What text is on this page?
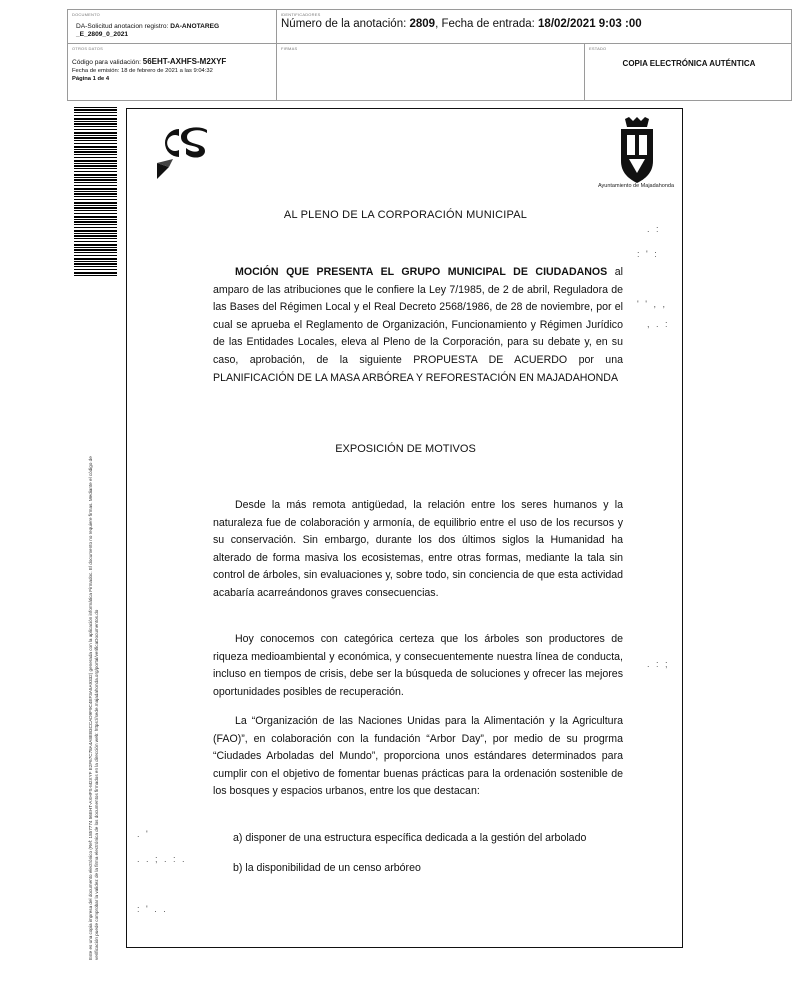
DOCUMENTO
DA-Solicitud anotacion registro: DA-ANOTAREG _E_2809_0_2021
IDENTIFICADORES
Número de la anotación: 2809, Fecha de entrada: 18/02/2021 9:03 :00
OTROS DATOS
Código para validación: 56EHT-AXHFS-M2XYF
Fecha de emisión: 18 de febrero de 2021 a las 9:04:32
Página 1 de 4
FIRMAS	ESTADO
COPIA ELECTRÓNICA AUTÉNTICA
Este es una copia impresa del documento electrónico (Ref: 1857774 56EHT-AXHFS-M2XYF E2F67C78A4A8EB3CCAD9F9C4EF3A5A9332) generada con la aplicación informática Firmadoc. El documento no requiere firmas. Mediante el código de verificación puede comprobar la validez de la firma electrónica de los documentos firmados en la dirección web: https://sede.majadahonda.org/portal/verificaDocumentos.do
Ayuntamiento de Majadahonda
AL PLENO DE LA CORPORACIÓN MUNICIPAL
MOCIÓN QUE PRESENTA EL GRUPO MUNICIPAL DE CIUDADANOS al amparo de las atribuciones que le confiere la Ley 7/1985, de 2 de abril, Reguladora de las Bases del Régimen Local y el Real Decreto 2568/1986, de 28 de noviembre, por el cual se aprueba el Reglamento de Organización, Funcionamiento y Régimen Jurídico de las Entidades Locales, eleva al Pleno de la Corporación, para su debate y, en su caso, aprobación, de la siguiente PROPUESTA DE ACUERDO por una PLANIFICACIÓN DE LA MASA ARBÓREA Y REFORESTACIÓN EN MAJADAHONDA
EXPOSICIÓN DE MOTIVOS
Desde la más remota antigüedad, la relación entre los seres humanos y la naturaleza fue de colaboración y armonía, de equilibrio entre el uso de los recursos y su conservación. Sin embargo, durante los dos últimos siglos la Humanidad ha alterado de forma masiva los ecosistemas, entre otras formas, mediante la tala sin control de árboles, sin evaluaciones y, sobre todo, sin conciencia de que esta actividad acabaría acarreándonos graves consecuencias.
Hoy conocemos con categórica certeza que los árboles son productores de riqueza medioambiental y económica, y consecuentemente nuestra línea de conducta, incluso en tiempos de crisis, debe ser la búsqueda de soluciones y ofrecer las mejores oportunidades posibles de recuperación.
La “Organización de las Naciones Unidas para la Alimentación y la Agricultura (FAO)”, en colaboración con la fundación “Arbor Day”, por medio de su progrma “Ciudades Arboladas del Mundo”, proporciona unos estándares determinados para cumplir con el objetivo de fomentar buenas prácticas para la ordenación sostenible de los bosques y espacios urbanos, entre los que destacan:
a) disponer de una estructura específica dedicada a la gestión del arbolado
b) la disponibilidad de un censo arbóreo
. :
: ' :
' ' , ,
, . :
. : ;
. '
. . ; . : .
: ' . .
